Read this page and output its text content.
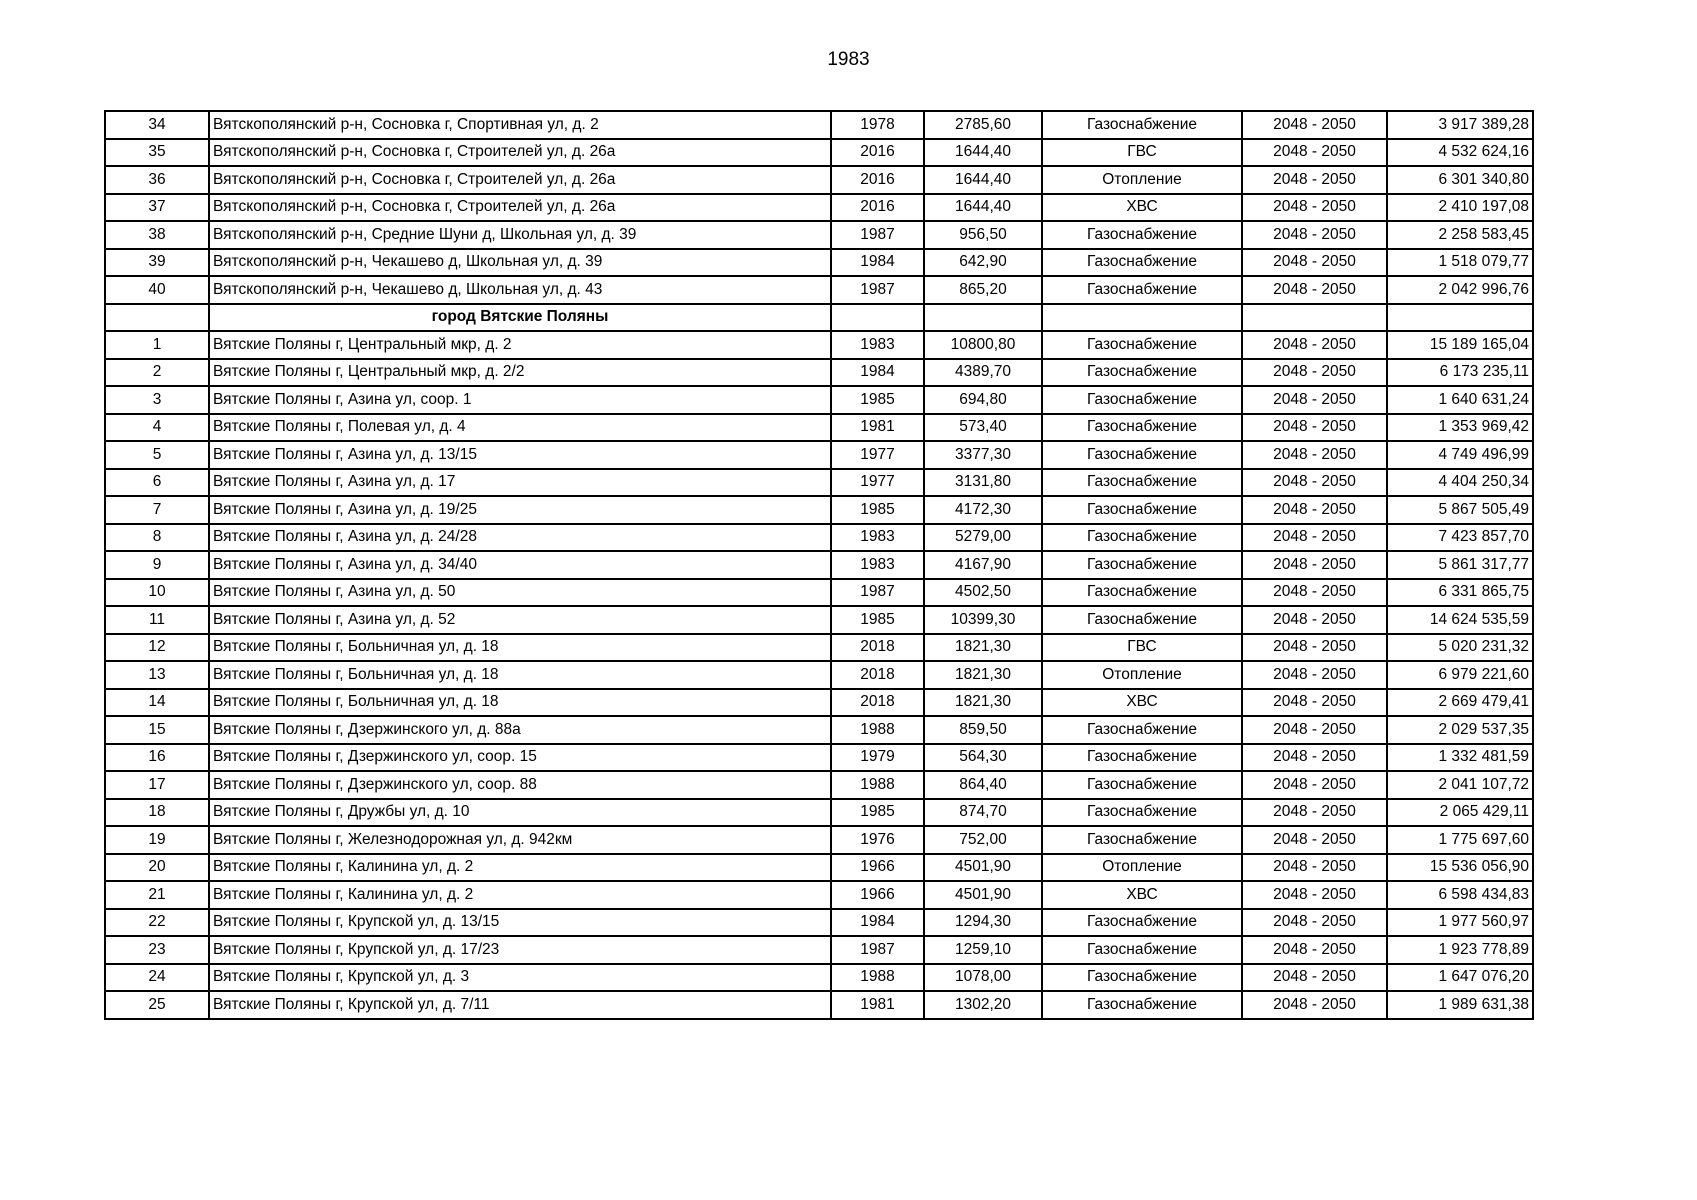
1983
34	Вятскополянский р-н, Сосновка г, Спортивная ул, д. 2	1978	2785,60	Газоснабжение	2048 - 2050	3 917 389,28
35	Вятскополянский р-н, Сосновка г, Строителей ул, д. 26а	2016	1644,40	ГВС	2048 - 2050	4 532 624,16
36	Вятскополянский р-н, Сосновка г, Строителей ул, д. 26а	2016	1644,40	Отопление	2048 - 2050	6 301 340,80
37	Вятскополянский р-н, Сосновка г, Строителей ул, д. 26а	2016	1644,40	ХВС	2048 - 2050	2 410 197,08
38	Вятскополянский р-н, Средние Шуни д, Школьная ул, д. 39	1987	956,50	Газоснабжение	2048 - 2050	2 258 583,45
39	Вятскополянский р-н, Чекашево д, Школьная ул, д. 39	1984	642,90	Газоснабжение	2048 - 2050	1 518 079,77
40	Вятскополянский р-н, Чекашево д, Школьная ул, д. 43	1987	865,20	Газоснабжение	2048 - 2050	2 042 996,76
	город Вятские Поляны					
1	Вятские Поляны г, Центральный мкр, д. 2	1983	10800,80	Газоснабжение	2048 - 2050	15 189 165,04
2	Вятские Поляны г, Центральный мкр, д. 2/2	1984	4389,70	Газоснабжение	2048 - 2050	6 173 235,11
3	Вятские Поляны г, Азина ул, соор. 1	1985	694,80	Газоснабжение	2048 - 2050	1 640 631,24
4	Вятские Поляны г, Полевая ул, д. 4	1981	573,40	Газоснабжение	2048 - 2050	1 353 969,42
5	Вятские Поляны г, Азина ул, д. 13/15	1977	3377,30	Газоснабжение	2048 - 2050	4 749 496,99
6	Вятские Поляны г, Азина ул, д. 17	1977	3131,80	Газоснабжение	2048 - 2050	4 404 250,34
7	Вятские Поляны г, Азина ул, д. 19/25	1985	4172,30	Газоснабжение	2048 - 2050	5 867 505,49
8	Вятские Поляны г, Азина ул, д. 24/28	1983	5279,00	Газоснабжение	2048 - 2050	7 423 857,70
9	Вятские Поляны г, Азина ул, д. 34/40	1983	4167,90	Газоснабжение	2048 - 2050	5 861 317,77
10	Вятские Поляны г, Азина ул, д. 50	1987	4502,50	Газоснабжение	2048 - 2050	6 331 865,75
11	Вятские Поляны г, Азина ул, д. 52	1985	10399,30	Газоснабжение	2048 - 2050	14 624 535,59
12	Вятские Поляны г, Больничная ул, д. 18	2018	1821,30	ГВС	2048 - 2050	5 020 231,32
13	Вятские Поляны г, Больничная ул, д. 18	2018	1821,30	Отопление	2048 - 2050	6 979 221,60
14	Вятские Поляны г, Больничная ул, д. 18	2018	1821,30	ХВС	2048 - 2050	2 669 479,41
15	Вятские Поляны г, Дзержинского ул, д. 88а	1988	859,50	Газоснабжение	2048 - 2050	2 029 537,35
16	Вятские Поляны г, Дзержинского ул, соор. 15	1979	564,30	Газоснабжение	2048 - 2050	1 332 481,59
17	Вятские Поляны г, Дзержинского ул, соор. 88	1988	864,40	Газоснабжение	2048 - 2050	2 041 107,72
18	Вятские Поляны г, Дружбы ул, д. 10	1985	874,70	Газоснабжение	2048 - 2050	2 065 429,11
19	Вятские Поляны г, Железнодорожная ул, д. 942км	1976	752,00	Газоснабжение	2048 - 2050	1 775 697,60
20	Вятские Поляны г, Калинина ул, д. 2	1966	4501,90	Отопление	2048 - 2050	15 536 056,90
21	Вятские Поляны г, Калинина ул, д. 2	1966	4501,90	ХВС	2048 - 2050	6 598 434,83
22	Вятские Поляны г, Крупской ул, д. 13/15	1984	1294,30	Газоснабжение	2048 - 2050	1 977 560,97
23	Вятские Поляны г, Крупской ул, д. 17/23	1987	1259,10	Газоснабжение	2048 - 2050	1 923 778,89
24	Вятские Поляны г, Крупской ул, д. 3	1988	1078,00	Газоснабжение	2048 - 2050	1 647 076,20
25	Вятские Поляны г, Крупской ул, д. 7/11	1981	1302,20	Газоснабжение	2048 - 2050	1 989 631,38
